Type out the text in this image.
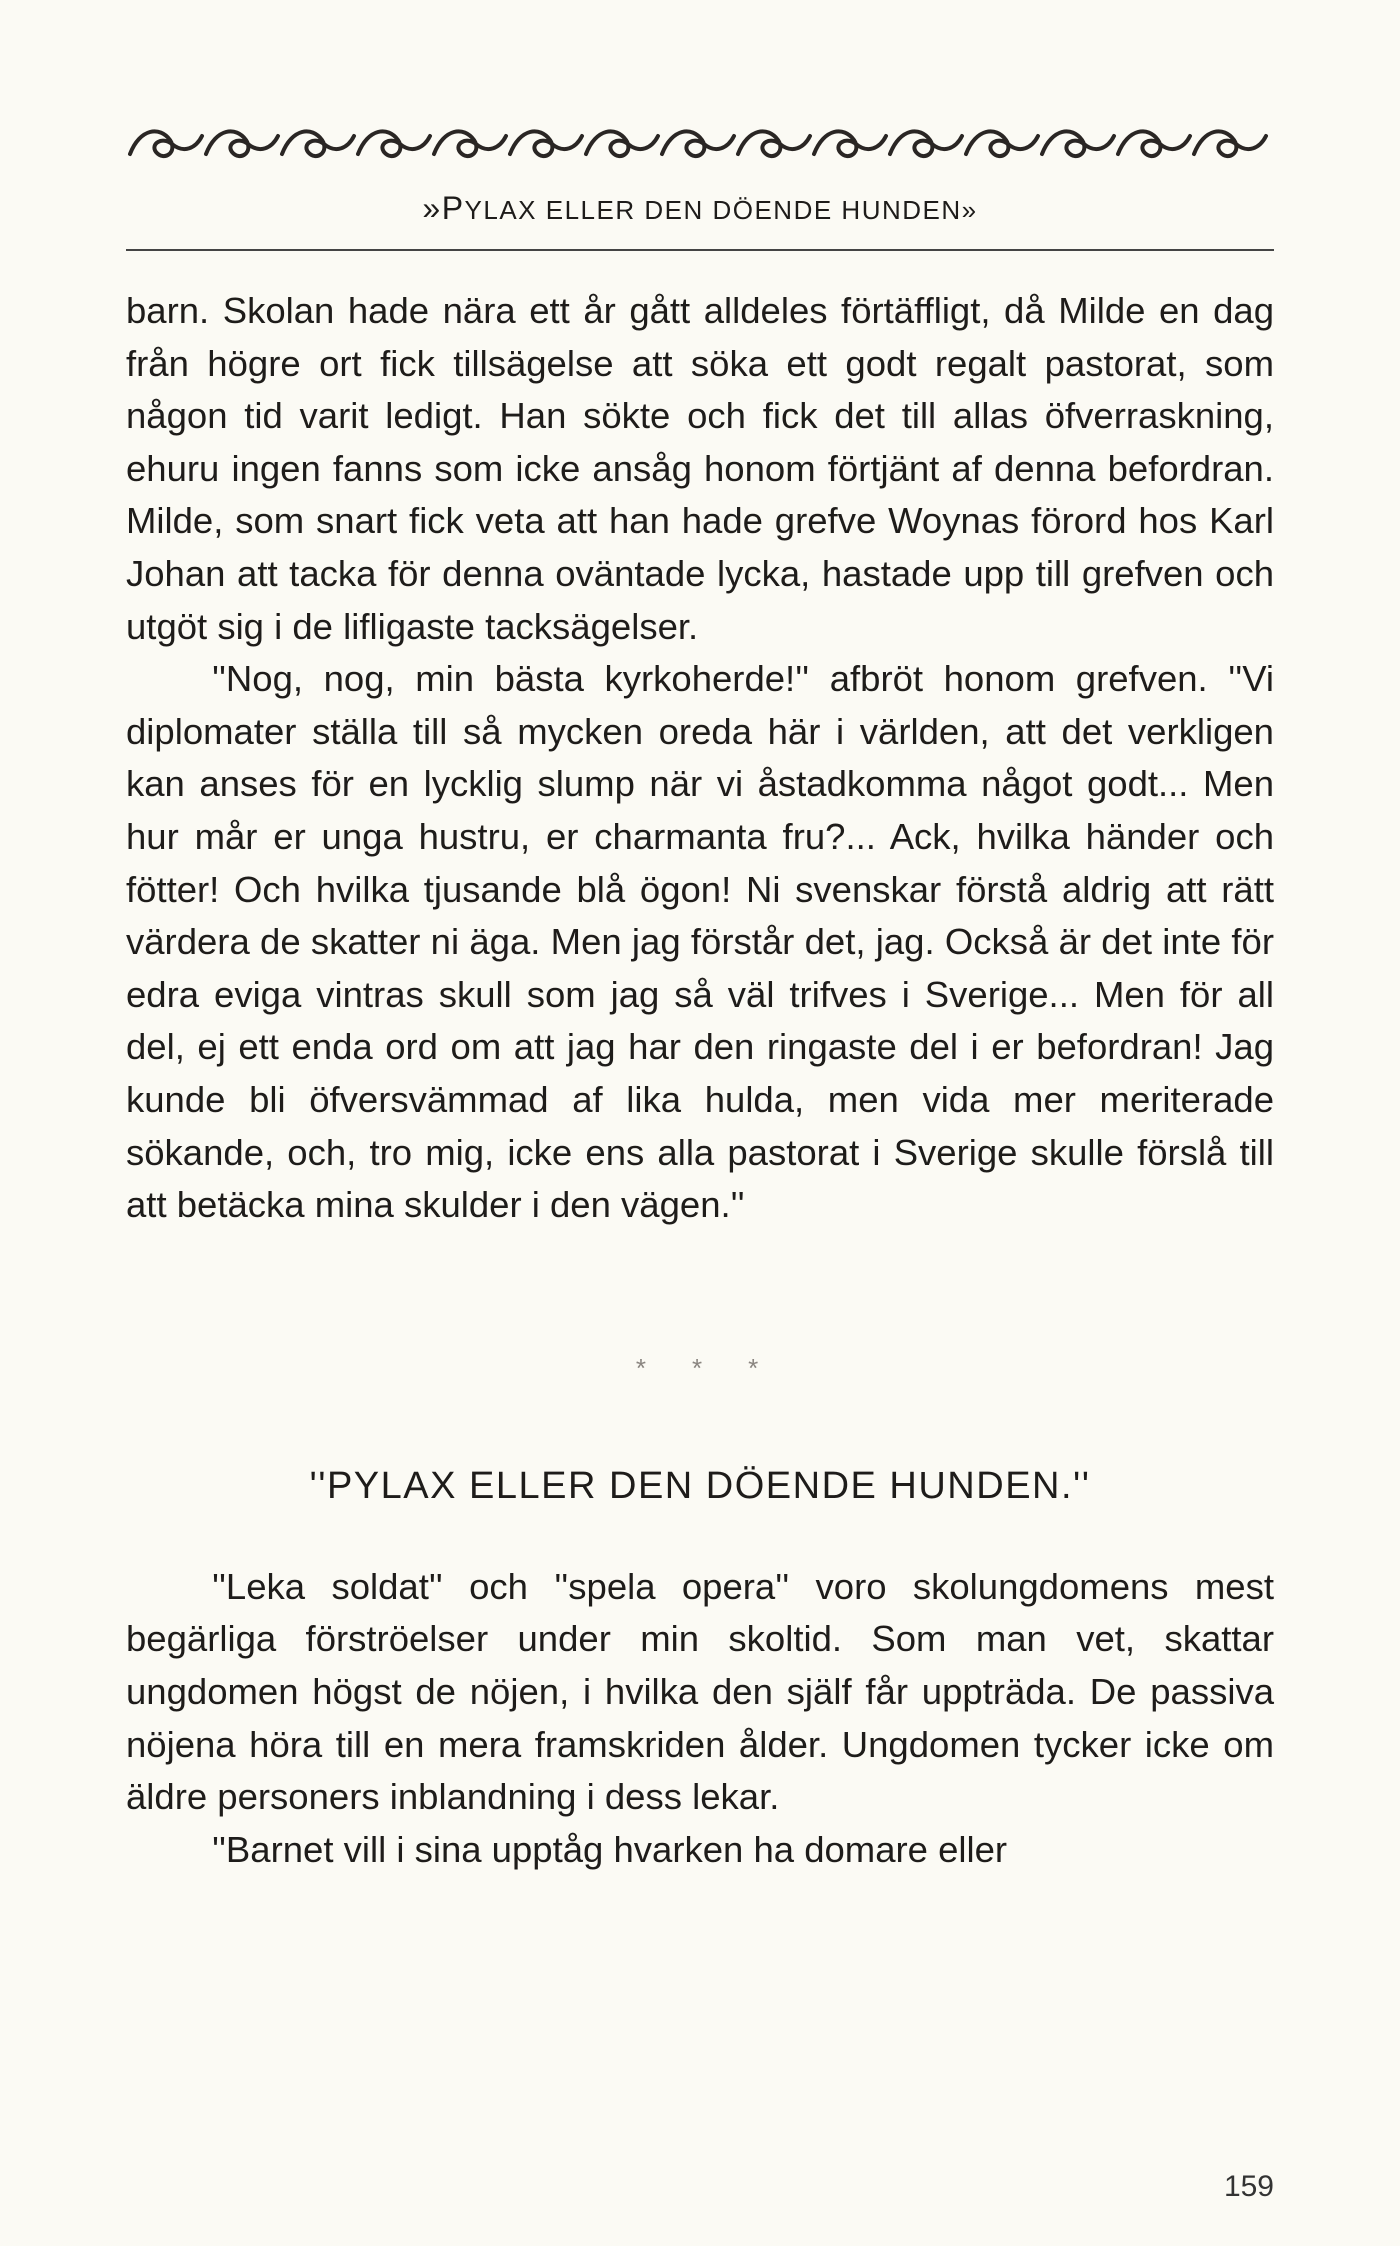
»PYLAX ELLER DEN DÖENDE HUNDEN»

barn. Skolan hade nära ett år gått alldeles förtäffligt, då Milde en dag från högre ort fick tillsägelse att söka ett godt regalt pastorat, som någon tid varit ledigt. Han sökte och fick det till allas öfverraskning, ehuru ingen fanns som icke ansåg honom förtjänt af denna befordran. Milde, som snart fick veta att han hade grefve Woynas förord hos Karl Johan att tacka för denna oväntade lycka, hastade upp till grefven och utgöt sig i de lifligaste tacksägelser.

''Nog, nog, min bästa kyrkoherde!'' afbröt honom grefven. ''Vi diplomater ställa till så mycken oreda här i världen, att det verkligen kan anses för en lycklig slump när vi åstadkomma något godt... Men hur mår er unga hustru, er charmanta fru?... Ack, hvilka händer och fötter! Och hvilka tjusande blå ögon! Ni svenskar förstå aldrig att rätt värdera de skatter ni äga. Men jag förstår det, jag. Också är det inte för edra eviga vintras skull som jag så väl trifves i Sverige... Men för all del, ej ett enda ord om att jag har den ringaste del i er befordran! Jag kunde bli öfversvämmad af lika hulda, men vida mer meriterade sökande, och, tro mig, icke ens alla pastorat i Sverige skulle förslå till att betäcka mina skulder i den vägen.''

* * *
''PYLAX ELLER DEN DÖENDE HUNDEN.''

''Leka soldat'' och ''spela opera'' voro skolungdomens mest begärliga förströelser under min skoltid. Som man vet, skattar ungdomen högst de nöjen, i hvilka den själf får uppträda. De passiva nöjena höra till en mera framskriden ålder. Ungdomen tycker icke om äldre personers inblandning i dess lekar.

''Barnet vill i sina upptåg hvarken ha domare eller

159
